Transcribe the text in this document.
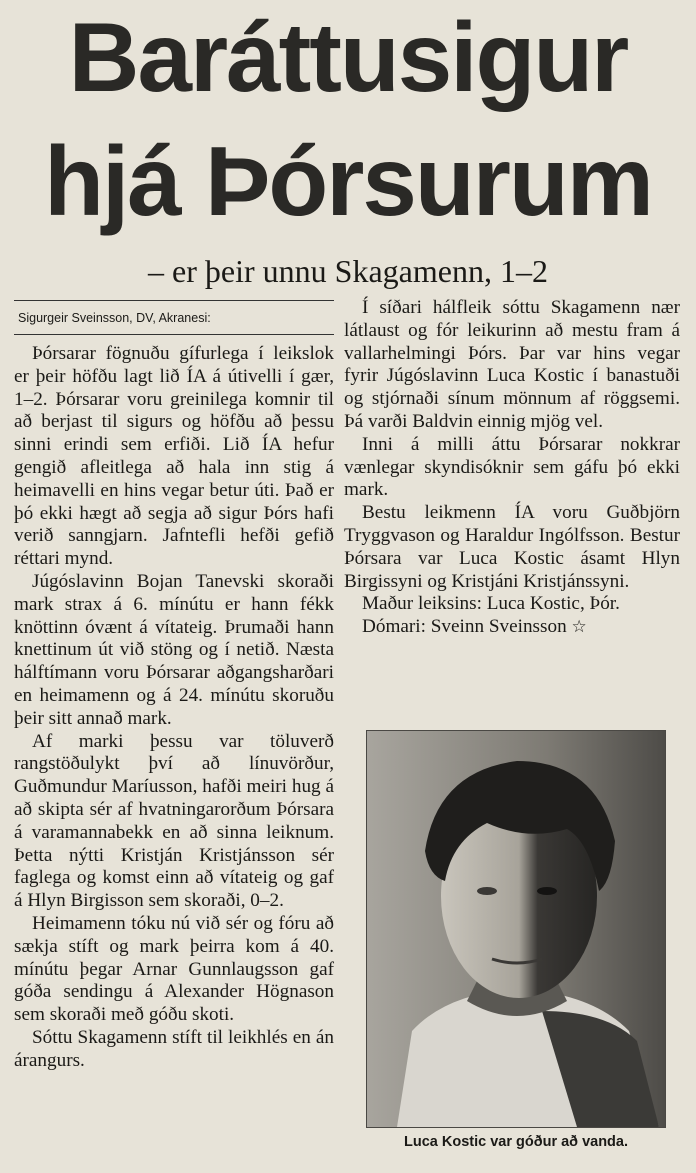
Baráttusigur
hjá Þórsurum
– er þeir unnu Skagamenn, 1–2
Sigurgeir Sveinsson, DV, Akranesi:

Þórsarar fögnuðu gífurlega í leikslok er þeir höfðu lagt lið ÍA á útivelli í gær, 1–2. Þórsarar voru greinilega komnir til að berjast til sigurs og höfðu að þessu sinni erindi sem erfiði. Lið ÍA hefur gengið afleitlega að hala inn stig á heimavelli en hins vegar betur úti. Það er þó ekki hægt að segja að sigur Þórs hafi verið sanngjarn. Jafntefli hefði gefið réttari mynd.

Júgóslavinn Bojan Tanevski skoraði mark strax á 6. mínútu er hann fékk knöttinn óvænt á vítateig. Þrumaði hann knettinum út við stöng og í netið. Næsta hálftímann voru Þórsarar aðgangsharðari en heimamenn og á 24. mínútu skoruðu þeir sitt annað mark.

Af marki þessu var töluverð rangstöðulykt því að línuvörður, Guðmundur Maríusson, hafði meiri hug á að skipta sér af hvatningarorðum Þórsara á varamannabekk en að sinna leiknum. Þetta nýtti Kristján Kristjánsson sér faglega og komst einn að vítateig og gaf á Hlyn Birgisson sem skoraði, 0–2.

Heimamenn tóku nú við sér og fóru að sækja stíft og mark þeirra kom á 40. mínútu þegar Arnar Gunnlaugsson gaf góða sendingu á Alexander Högnason sem skoraði með góðu skoti.

Sóttu Skagamenn stíft til leikhlés en án árangurs.

Í síðari hálfleik sóttu Skagamenn nær látlaust og fór leikurinn að mestu fram á vallarhelmingi Þórs. Þar var hins vegar fyrir Júgóslavinn Luca Kostic í banastuði og stjórnaði sínum mönnum af röggsemi. Þá varði Baldvin einnig mjög vel.

Inni á milli áttu Þórsarar nokkrar vænlegar skyndisóknir sem gáfu þó ekki mark.

Bestu leikmenn ÍA voru Guðbjörn Tryggvason og Haraldur Ingólfsson. Bestur Þórsara var Luca Kostic ásamt Hlyn Birgissyni og Kristjáni Kristjánssyni.

Maður leiksins: Luca Kostic, Þór.

Dómari: Sveinn Sveinsson ☆

Luca Kostic var góður að vanda.
